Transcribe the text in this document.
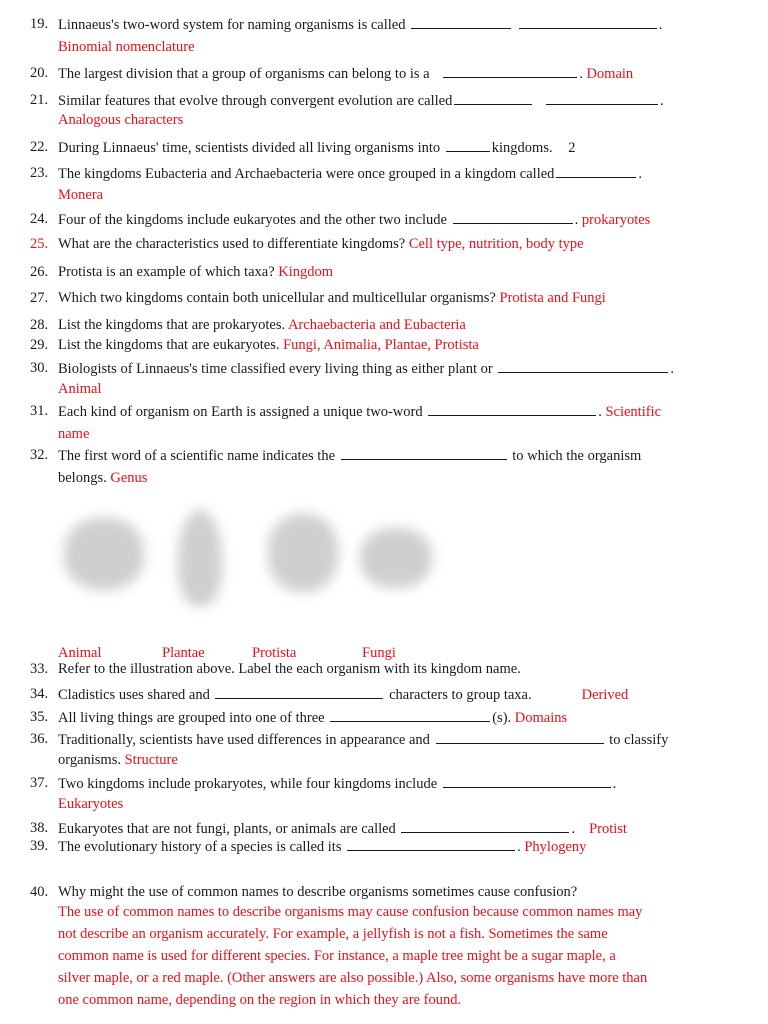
19. Linnaeus's two-word system for naming organisms is called	.
Binomial nomenclature
20. The largest division that a group of organisms can belong to is a	. Domain
21. Similar features that evolve through convergent evolution are called	.
Analogous characters
22. During Linnaeus' time, scientists divided all living organisms into	kingdoms. 2
23. The kingdoms Eubacteria and Archaebacteria were once grouped in a kingdom called	.
Monera
24. Four of the kingdoms include eukaryotes and the other two include	. prokaryotes
25. What are the characteristics used to differentiate kingdoms? Cell type, nutrition, body type
26. Protista is an example of which taxa? Kingdom
27. Which two kingdoms contain both unicellular and multicellular organisms? Protista and Fungi
28. List the kingdoms that are prokaryotes. Archaebacteria and Eubacteria
29. List the kingdoms that are eukaryotes. Fungi, Animalia, Plantae, Protista
30. Biologists of Linnaeus's time classified every living thing as either plant or	.
Animal
31. Each kind of organism on Earth is assigned a unique two-word	. Scientific
name
32. The first word of a scientific name indicates the	to which the organism
belongs. Genus
Animal	Plantae	Protista	Fungi
33. Refer to the illustration above. Label the each organism with its kingdom name.
34. Cladistics uses shared and	characters to group taxa.	Derived
35. All living things are grouped into one of three	(s). Domains
36. Traditionally, scientists have used differences in appearance and	to classify
organisms. Structure
37. Two kingdoms include prokaryotes, while four kingdoms include	.
Eukaryotes
38. Eukaryotes that are not fungi, plants, or animals are called	. Protist
39. The evolutionary history of a species is called its	. Phylogeny
40. Why might the use of common names to describe organisms sometimes cause confusion?
The use of common names to describe organisms may cause confusion because common names may
not describe an organism accurately. For example, a jellyfish is not a fish. Sometimes the same
common name is used for different species. For instance, a maple tree might be a sugar maple, a
silver maple, or a red maple. (Other answers are also possible.) Also, some organisms have more than
one common name, depending on the region in which they are found.
